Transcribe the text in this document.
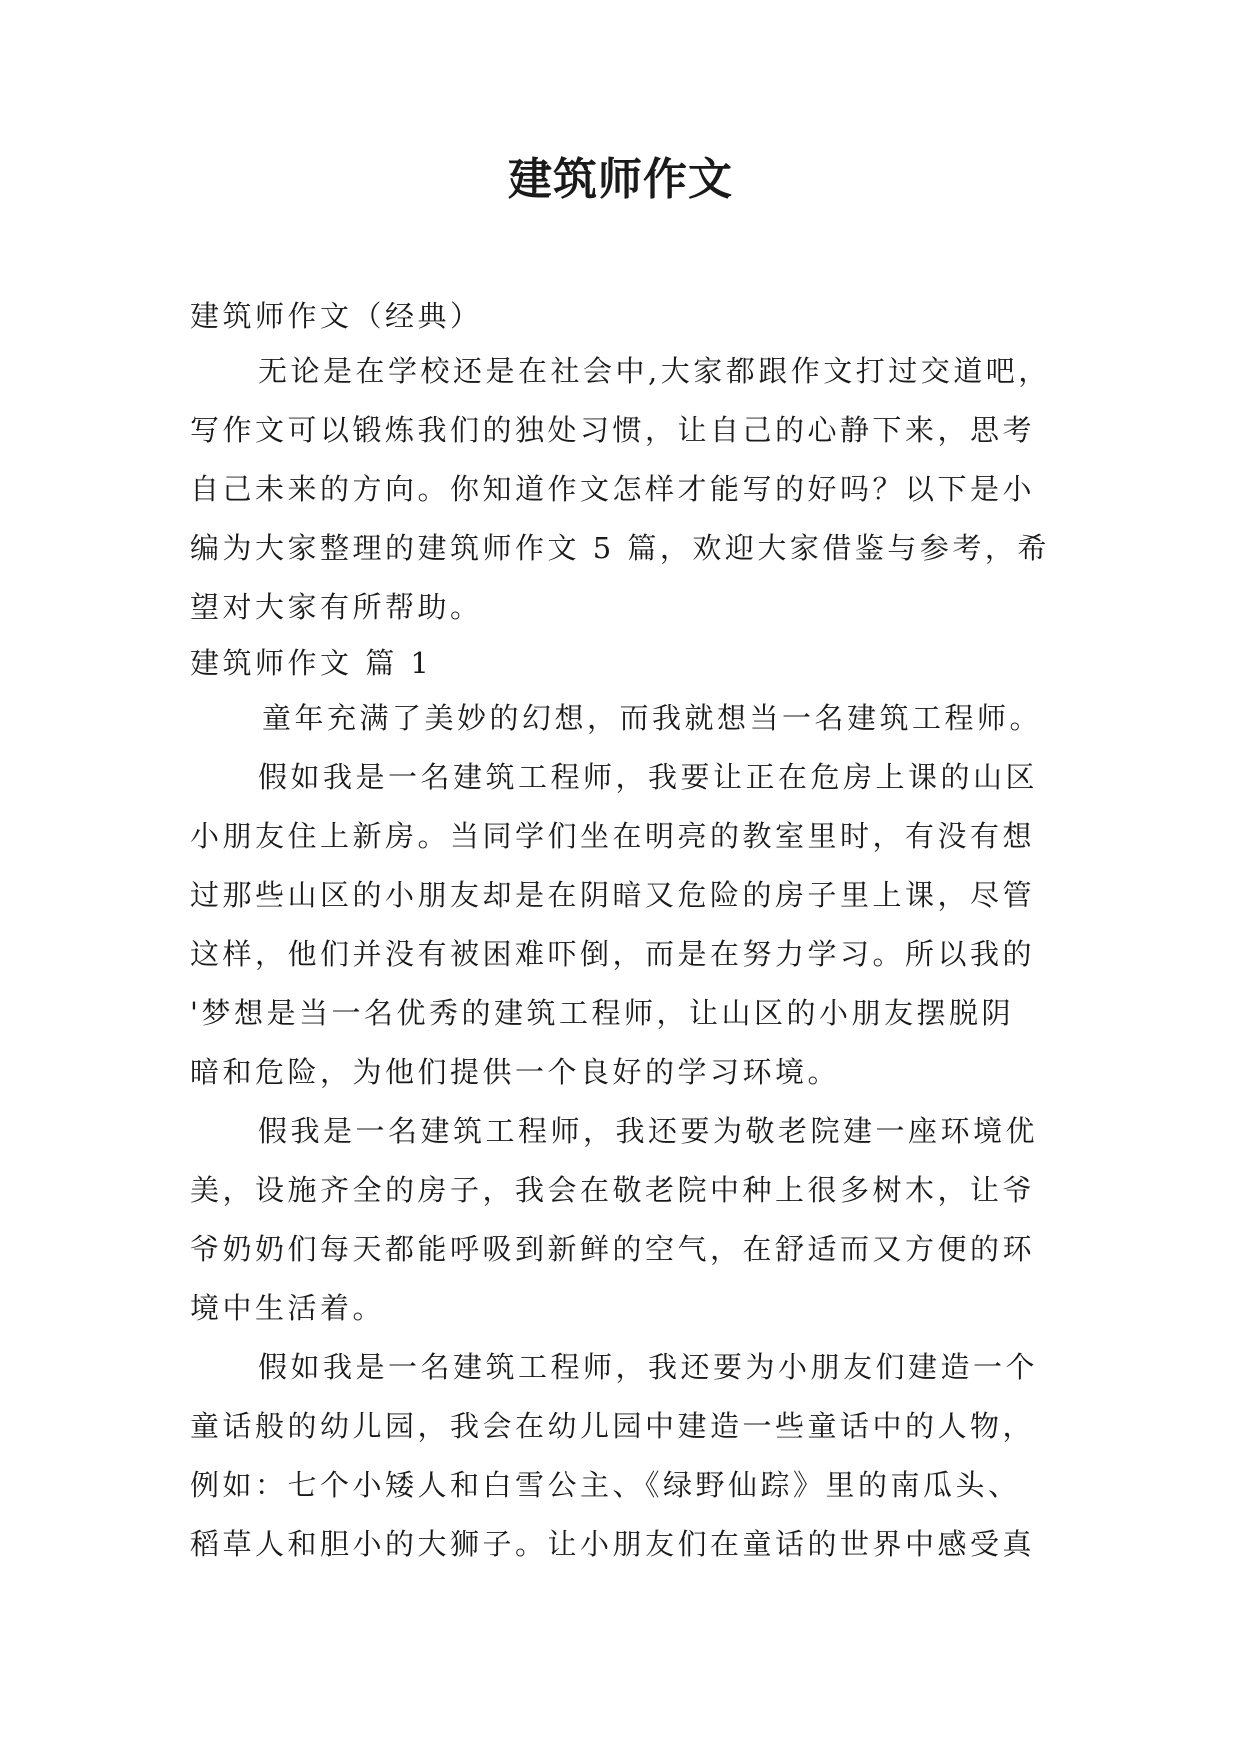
建筑师作文
建筑师作文（经典）
无论是在学校还是在社会中,大家都跟作文打过交道吧，
写作文可以锻炼我们的独处习惯，让自己的心静下来，思考
自己未来的方向。你知道作文怎样才能写的好吗？以下是小
编为大家整理的建筑师作文 5 篇，欢迎大家借鉴与参考，希
望对大家有所帮助。
建筑师作文 篇 1
童年充满了美妙的幻想，而我就想当一名建筑工程师。
假如我是一名建筑工程师，我要让正在危房上课的山区
小朋友住上新房。当同学们坐在明亮的教室里时，有没有想
过那些山区的小朋友却是在阴暗又危险的房子里上课，尽管
这样，他们并没有被困难吓倒，而是在努力学习。所以我的
'梦想是当一名优秀的建筑工程师，让山区的小朋友摆脱阴
暗和危险，为他们提供一个良好的学习环境。
假我是一名建筑工程师，我还要为敬老院建一座环境优
美，设施齐全的房子，我会在敬老院中种上很多树木，让爷
爷奶奶们每天都能呼吸到新鲜的空气，在舒适而又方便的环
境中生活着。
假如我是一名建筑工程师，我还要为小朋友们建造一个
童话般的幼儿园，我会在幼儿园中建造一些童话中的人物，
例如：七个小矮人和白雪公主、《绿野仙踪》里的南瓜头、
稻草人和胆小的大狮子。让小朋友们在童话的世界中感受真
